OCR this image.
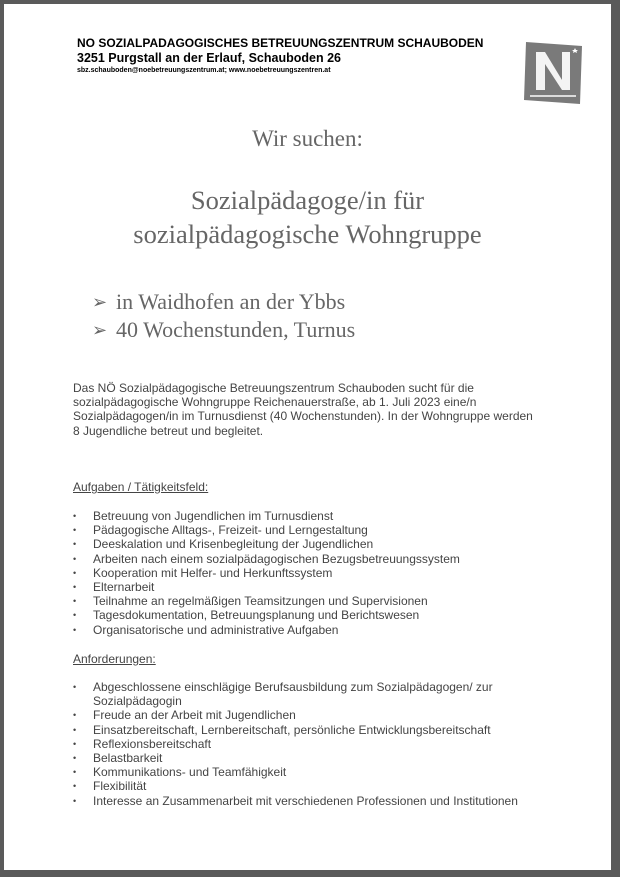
NO SOZIALPADAGOGISCHES BETREUUNGSZENTRUM SCHAUBODEN
3251 Purgstall an der Erlauf, Schauboden 26
sbz.schauboden@noebetreuungszentrum.at; www.noebetreuungszentren.at
Wir suchen:
Sozialpädagoge/in für
sozialpädagogische Wohngruppe
➢ in Waidhofen an der Ybbs
➢ 40 Wochenstunden, Turnus
Das NÖ Sozialpädagogische Betreuungszentrum Schauboden sucht für die sozialpädagogische Wohngruppe Reichenauerstraße, ab 1. Juli 2023 eine/n Sozialpädagogen/in im Turnusdienst (40 Wochenstunden). In der Wohngruppe werden 8 Jugendliche betreut und begleitet.
Aufgaben / Tätigkeitsfeld:
•	Betreuung von Jugendlichen im Turnusdienst
•	Pädagogische Alltags-, Freizeit- und Lerngestaltung
•	Deeskalation und Krisenbegleitung der Jugendlichen
•	Arbeiten nach einem sozialpädagogischen Bezugsbetreuungssystem
•	Kooperation mit Helfer- und Herkunftssystem
•	Elternarbeit
•	Teilnahme an regelmäßigen Teamsitzungen und Supervisionen
•	Tagesdokumentation, Betreuungsplanung und Berichtswesen
•	Organisatorische und administrative Aufgaben
Anforderungen:
•	Abgeschlossene einschlägige Berufsausbildung zum Sozialpädagogen/ zur Sozialpädagogin
•	Freude an der Arbeit mit Jugendlichen
•	Einsatzbereitschaft, Lernbereitschaft, persönliche Entwicklungsbereitschaft
•	Reflexionsbereitschaft
•	Belastbarkeit
•	Kommunikations- und Teamfähigkeit
•	Flexibilität
•	Interesse an Zusammenarbeit mit verschiedenen Professionen und Institutionen
